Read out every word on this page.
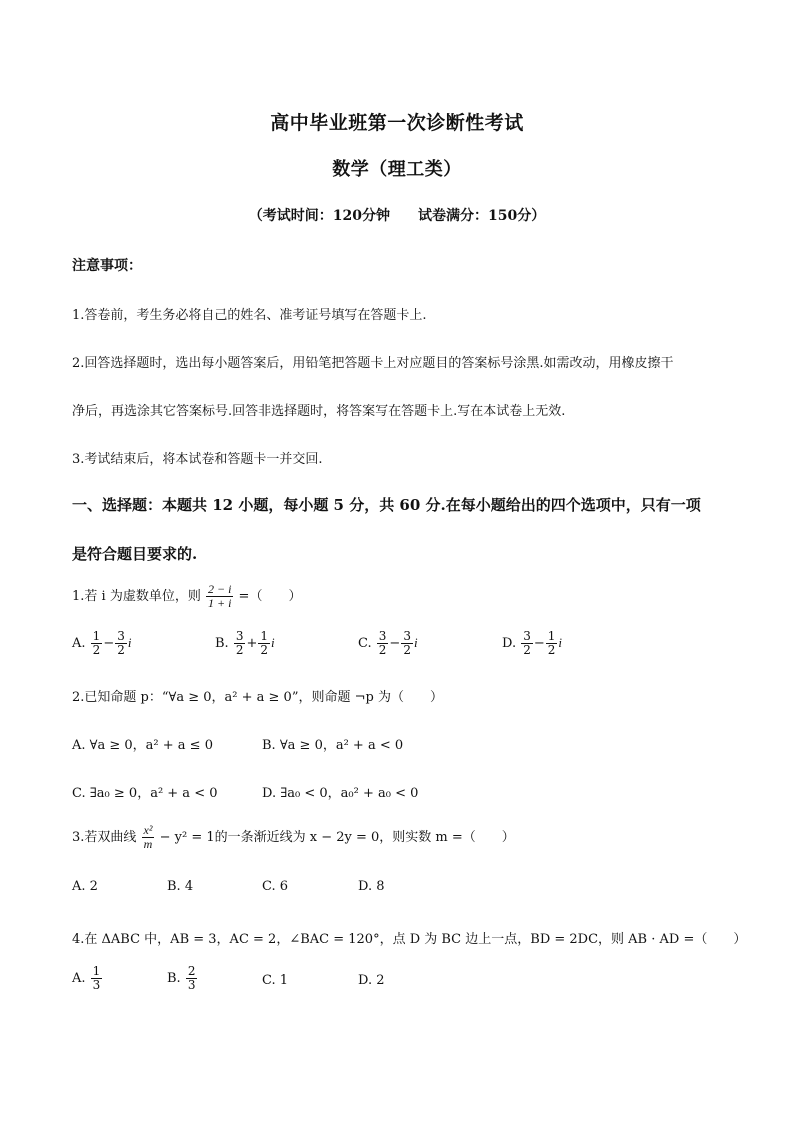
高中毕业班第一次诊断性考试
数学（理工类）
（考试时间：120分钟　　试卷满分：150分）
注意事项：
1.答卷前，考生务必将自己的姓名、准考证号填写在答题卡上.
2.回答选择题时，选出每小题答案后，用铅笔把答题卡上对应题目的答案标号涂黑.如需改动，用橡皮擦干
净后，再选涂其它答案标号.回答非选择题时，将答案写在答题卡上.写在本试卷上无效.
3.考试结束后，将本试卷和答题卡一并交回.
一、选择题：本题共 12 小题，每小题 5 分，共 60 分.在每小题给出的四个选项中，只有一项
是符合题目要求的.
1.若 i 为虚数单位，则 $\frac{2 - i}{1 + i}$ =（　　）
A. $\frac{1}{2} - \frac{3}{2}$ i	B. $\frac{3}{2} + \frac{1}{2}$ i	C. $\frac{3}{2} - \frac{3}{2}$ i	D. $\frac{3}{2} - \frac{1}{2}$ i
2.已知命题 p：“∀a ≥ 0，a² + a ≥ 0”，则命题 ¬p 为（　　）
A. ∀a ≥ 0，a² + a ≤ 0	B. ∀a ≥ 0，a² + a < 0
C. ∃a₀ ≥ 0，a² + a < 0	D. ∃a₀ < 0，a₀² + a₀ < 0
3.若双曲线 $\frac{\text{x²}}{m} - y^2 = 1$的一条渐近线为 x − 2y = 0，则实数 m =（　　）
A. 2	B. 4	C. 6	D. 8
4.在 ΔABC 中，AB = 3，AC = 2，∠BAC = 120°，点 D 为 BC 边上一点，BD = 2DC，则 AB · AD =（　　）
A. $\frac{1}{3}$	B. $\frac{2}{3}$	C. 1	D. 2
